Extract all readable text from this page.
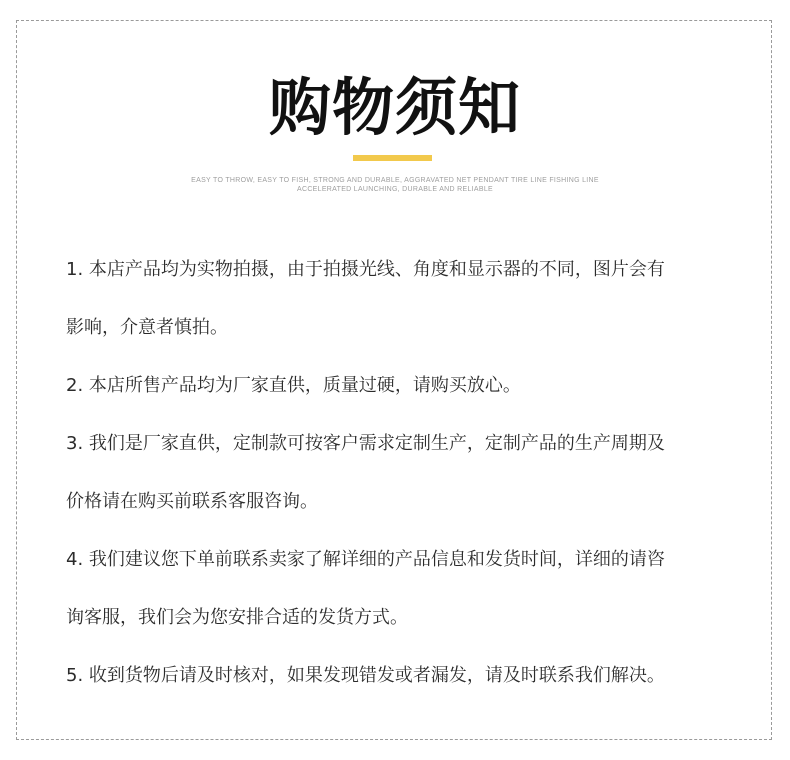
购物须知
EASY TO THROW, EASY TO FISH, STRONG AND DURABLE, AGGRAVATED NET PENDANT TIRE LINE FISHING LINE
ACCELERATED LAUNCHING, DURABLE AND RELIABLE
1. 本店产品均为实物拍摄，由于拍摄光线、角度和显示器的不同，图片会有
影响，介意者慎拍。
2. 本店所售产品均为厂家直供，质量过硬，请购买放心。
3. 我们是厂家直供，定制款可按客户需求定制生产，定制产品的生产周期及
价格请在购买前联系客服咨询。
4. 我们建议您下单前联系卖家了解详细的产品信息和发货时间，详细的请咨
询客服，我们会为您安排合适的发货方式。
5. 收到货物后请及时核对，如果发现错发或者漏发，请及时联系我们解决。
